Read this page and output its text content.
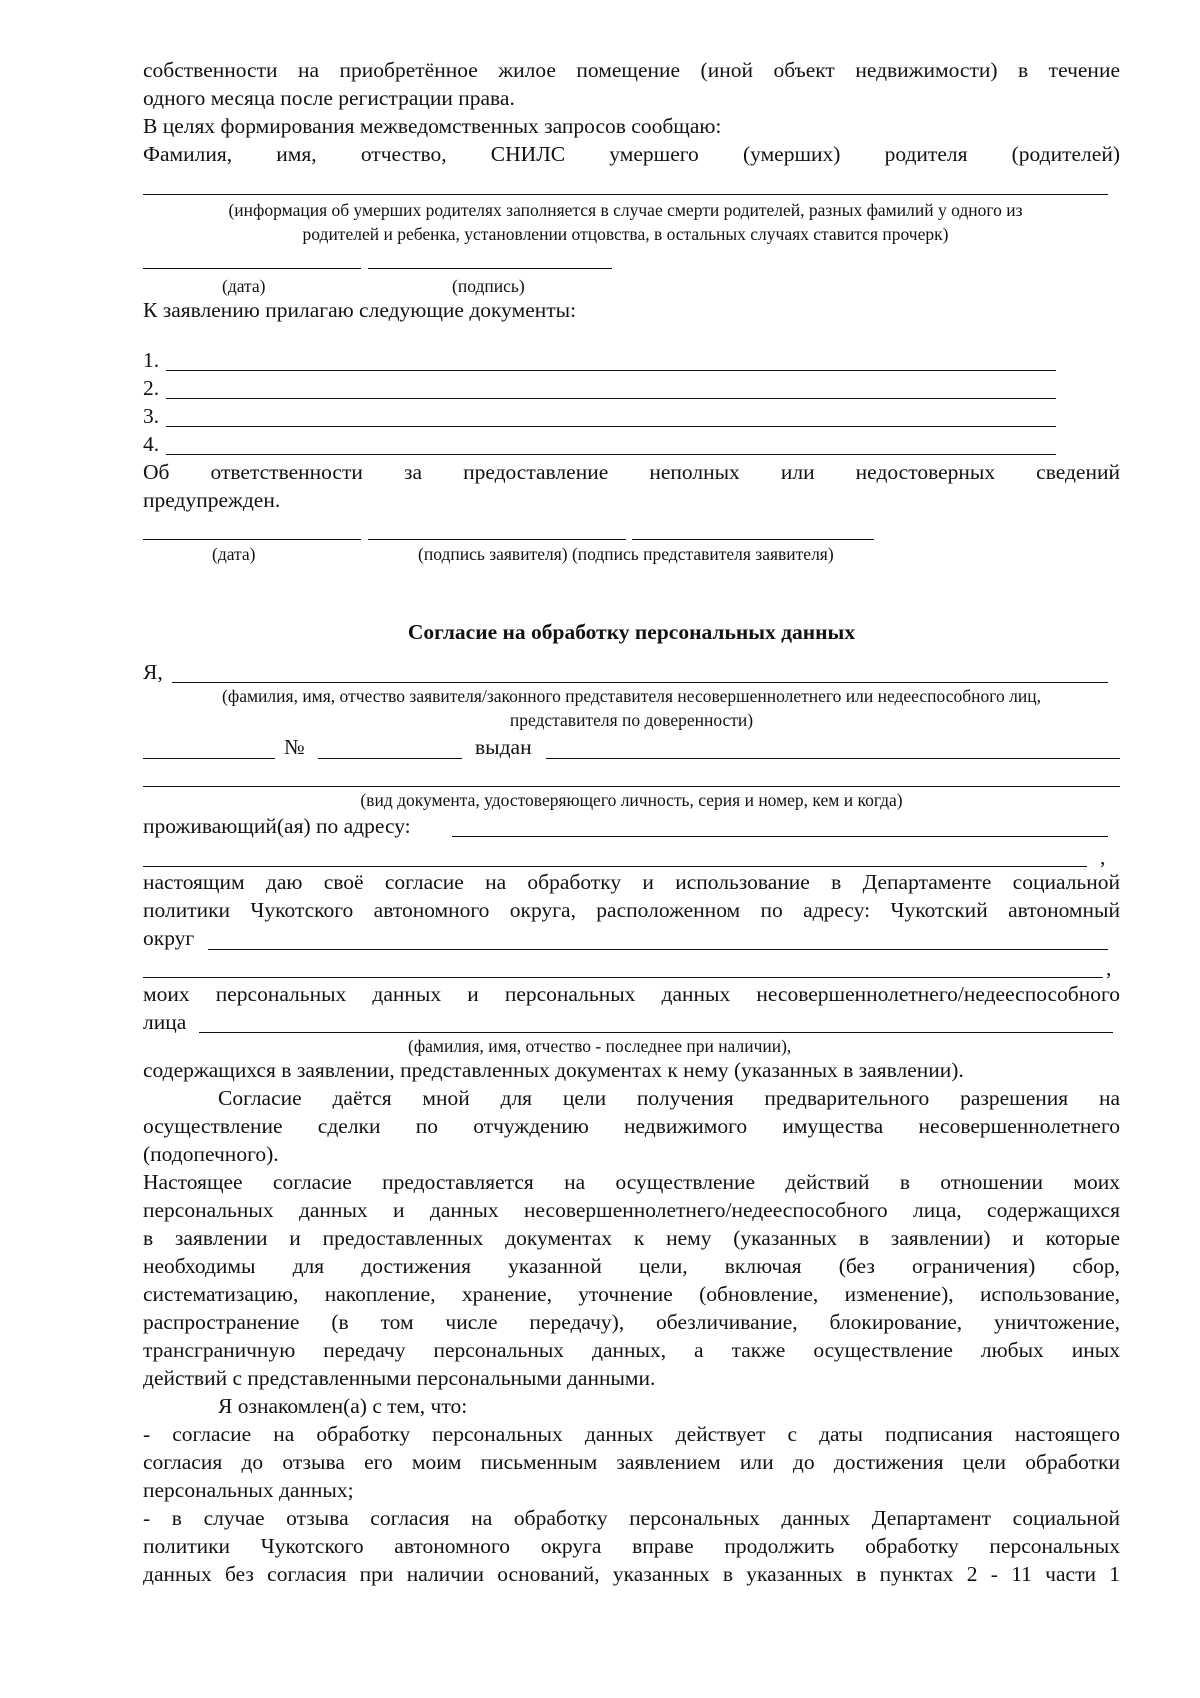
собственности на приобретённое жилое помещение (иной объект недвижимости) в течение
одного месяца после регистрации права.
В целях формирования межведомственных запросов сообщаю:
Фамилия, имя, отчество, СНИЛС умершего (умерших) родителя (родителей)
(информация об умерших родителях заполняется в случае смерти родителей, разных фамилий у одного из
родителей и ребенка, установлении отцовства, в остальных случаях ставится прочерк)
(дата)	(подпись)
К заявлению прилагаю следующие документы:
1.
2.
3.
4.
Об ответственности за предоставление неполных или недостоверных сведений
предупрежден.
(дата)	(подпись заявителя) (подпись представителя заявителя)
Согласие на обработку персональных данных
Я,
(фамилия, имя, отчество заявителя/законного представителя несовершеннолетнего или недееспособного лиц,
представителя по доверенности)
№	выдан
(вид документа, удостоверяющего личность, серия и номер, кем и когда)
проживающий(ая) по адресу:
,
настоящим даю своё согласие на обработку и использование в Департаменте социальной
политики Чукотского автономного округа, расположенном по адресу: Чукотский автономный
округ
,
моих персональных данных и персональных данных несовершеннолетнего/недееспособного
лица
(фамилия, имя, отчество - последнее при наличии),
содержащихся в заявлении, представленных документах к нему (указанных в заявлении).
Согласие даётся мной для цели получения предварительного разрешения на
осуществление сделки по отчуждению недвижимого имущества несовершеннолетнего
(подопечного).
Настоящее согласие предоставляется на осуществление действий в отношении моих
персональных данных и данных несовершеннолетнего/недееспособного лица, содержащихся
в заявлении и предоставленных документах к нему (указанных в заявлении) и которые
необходимы для достижения указанной цели, включая (без ограничения) сбор,
систематизацию, накопление, хранение, уточнение (обновление, изменение), использование,
распространение (в том числе передачу), обезличивание, блокирование, уничтожение,
трансграничную передачу персональных данных, а также осуществление любых иных
действий с представленными персональными данными.
Я ознакомлен(а) с тем, что:
- согласие на обработку персональных данных действует с даты подписания настоящего
согласия до отзыва его моим письменным заявлением или до достижения цели обработки
персональных данных;
- в случае отзыва согласия на обработку персональных данных Департамент социальной
политики Чукотского автономного округа вправе продолжить обработку персональных
данных без согласия при наличии оснований, указанных в указанных в пунктах 2 - 11 части 1
